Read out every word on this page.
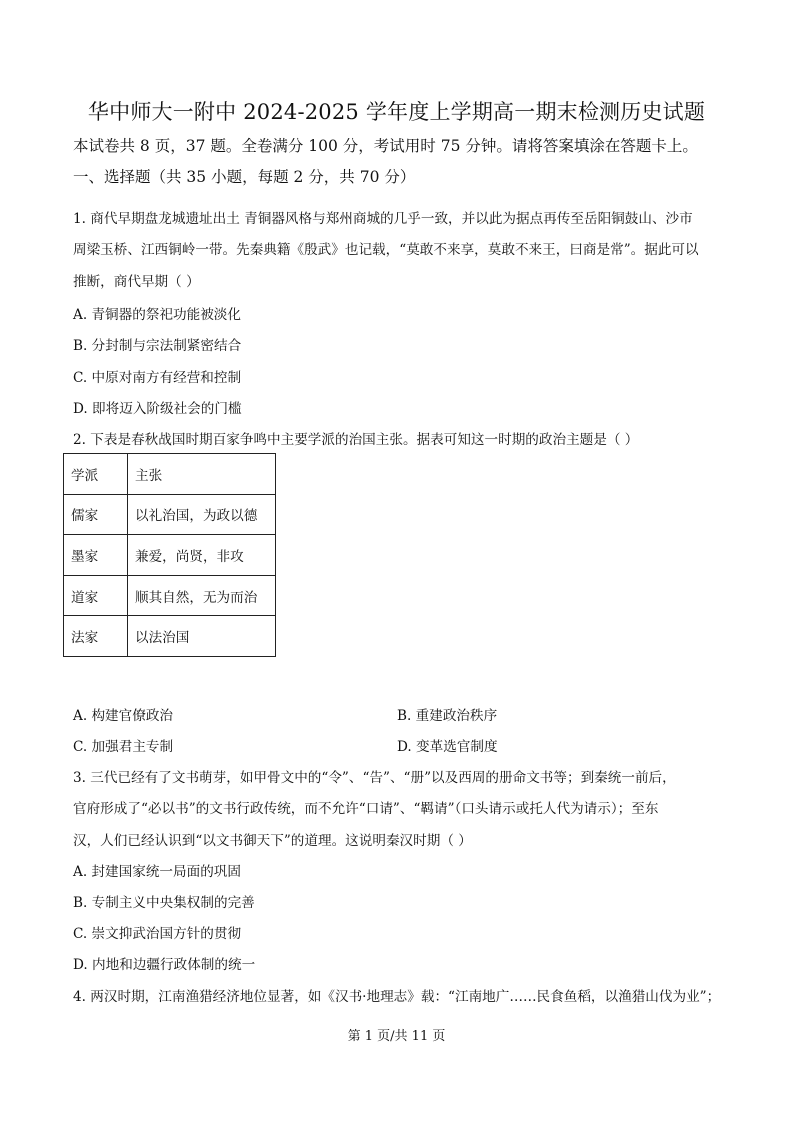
华中师大一附中 2024-2025 学年度上学期高一期末检测历史试题
本试卷共 8 页，37 题。全卷满分 100 分，考试用时 75 分钟。请将答案填涂在答题卡上。
一、选择题（共 35 小题，每题 2 分，共 70 分）
1. 商代早期盘龙城遗址出土 青铜器风格与郑州商城的几乎一致，并以此为据点再传至岳阳铜鼓山、沙市
周梁玉桥、江西铜岭一带。先秦典籍《殷武》也记载，“莫敢不来享，莫敢不来王，曰商是常”。据此可以
推断，商代早期（ ）
A. 青铜器的祭祀功能被淡化
B. 分封制与宗法制紧密结合
C. 中原对南方有经营和控制
D. 即将迈入阶级社会的门槛
2. 下表是春秋战国时期百家争鸣中主要学派的治国主张。据表可知这一时期的政治主题是（ ）
学派	主张
儒家	以礼治国，为政以德
墨家	兼爱，尚贤，非攻
道家	顺其自然，无为而治
法家	以法治国
A. 构建官僚政治	B. 重建政治秩序
C. 加强君主专制	D. 变革选官制度
3. 三代已经有了文书萌芽，如甲骨文中的“令”、“告”、“册”以及西周的册命文书等；到秦统一前后，
官府形成了“必以书”的文书行政传统，而不允许“口请”、“羁请”（口头请示或托人代为请示）；至东
汉，人们已经认识到“以文书御天下”的道理。这说明秦汉时期（ ）
A. 封建国家统一局面的巩固
B. 专制主义中央集权制的完善
C. 崇文抑武治国方针的贯彻
D. 内地和边疆行政体制的统一
4. 两汉时期，江南渔猎经济地位显著，如《汉书·地理志》载：“江南地广……民食鱼稻，以渔猎山伐为业”；
第 1 页/共 11 页
